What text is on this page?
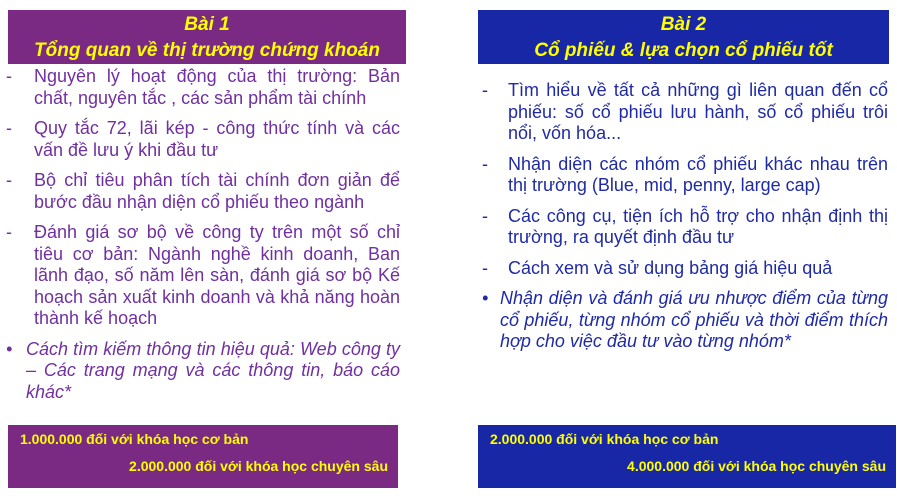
Bài 1
Tổng quan về thị trường chứng khoán
- Nguyên lý hoạt động của thị trường: Bản chất, nguyên tắc , các sản phẩm tài chính
- Quy tắc 72, lãi kép - công thức tính và các vấn đề lưu ý khi đầu tư
- Bộ chỉ tiêu phân tích tài chính đơn giản để bước đầu nhận diện cổ phiếu theo ngành
- Đánh giá sơ bộ về công ty trên một số chỉ tiêu cơ bản: Ngành nghề kinh doanh, Ban lãnh đạo, số năm lên sàn, đánh giá sơ bộ Kế hoạch sản xuất kinh doanh và khả năng hoàn thành kế hoạch
• Cách tìm kiếm thông tin hiệu quả: Web công ty – Các trang mạng và các thông tin, báo cáo khác*
1.000.000 đối với khóa học cơ bản
2.000.000 đối với khóa học chuyên sâu
Bài 2
Cổ phiếu & lựa chọn cổ phiếu tốt
- Tìm hiểu về tất cả những gì liên quan đến cổ phiếu: số cổ phiếu lưu hành, số cổ phiếu trôi nổi, vốn hóa...
- Nhận diện các nhóm cổ phiếu khác nhau trên thị trường (Blue, mid, penny, large cap)
- Các công cụ, tiện ích hỗ trợ cho nhận định thị trường, ra quyết định đầu tư
- Cách xem và sử dụng bảng giá hiệu quả
• Nhận diện và đánh giá ưu nhược điểm của từng cổ phiếu, từng nhóm cổ phiếu và thời điểm thích hợp cho việc đầu tư vào từng nhóm*
2.000.000 đối với khóa học cơ bản
4.000.000 đối với khóa học chuyên sâu
